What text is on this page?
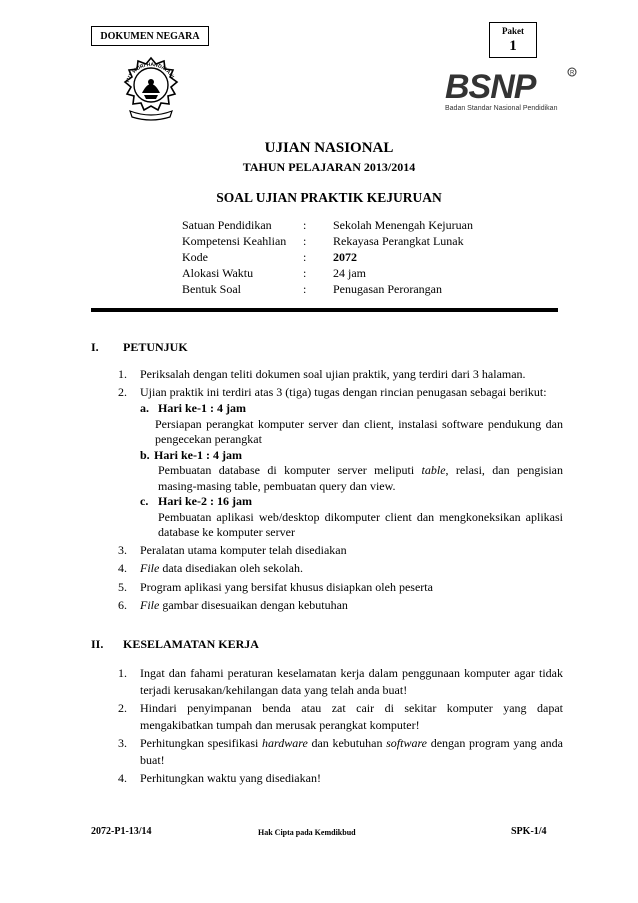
DOKUMEN NEGARA	Paket
1
TUT WURI HANDAYANI	BSNP	R
Badan Standar Nasional Pendidikan
UJIAN NASIONAL
TAHUN PELAJARAN 2013/2014
SOAL UJIAN PRAKTIK KEJURUAN
Satuan Pendidikan	:	Sekolah Menengah Kejuruan
Kompetensi Keahlian	:	Rekayasa Perangkat Lunak
Kode	:	2072
Alokasi Waktu	:	24 jam
Bentuk Soal	:	Penugasan Perorangan
I. PETUNJUK
1. Periksalah dengan teliti dokumen soal ujian praktik, yang terdiri dari 3 halaman.
2. Ujian praktik ini terdiri atas 3 (tiga) tugas dengan rincian penugasan sebagai berikut:
a. Hari ke-1 : 4 jam
Persiapan perangkat komputer server dan client, instalasi software pendukung dan pengecekan perangkat
b. Hari ke-1 : 4 jam
Pembuatan database di komputer server meliputi table, relasi, dan pengisian masing-masing table, pembuatan query dan view.
c. Hari ke-2 : 16 jam
Pembuatan aplikasi web/desktop dikomputer client dan mengkoneksikan aplikasi database ke komputer server
3. Peralatan utama komputer telah disediakan
4. File data disediakan oleh sekolah.
5. Program aplikasi yang bersifat khusus disiapkan oleh peserta
6. File gambar disesuaikan dengan kebutuhan
II. KESELAMATAN KERJA
1. Ingat dan fahami peraturan keselamatan kerja dalam penggunaan komputer agar tidak terjadi kerusakan/kehilangan data yang telah anda buat!
2. Hindari penyimpanan benda atau zat cair di sekitar komputer yang dapat mengakibatkan tumpah dan merusak perangkat komputer!
3. Perhitungkan spesifikasi hardware dan kebutuhan software dengan program yang anda buat!
4. Perhitungkan waktu yang disediakan!
2072-P1-13/14	Hak Cipta pada Kemdikbud	SPK-1/4
